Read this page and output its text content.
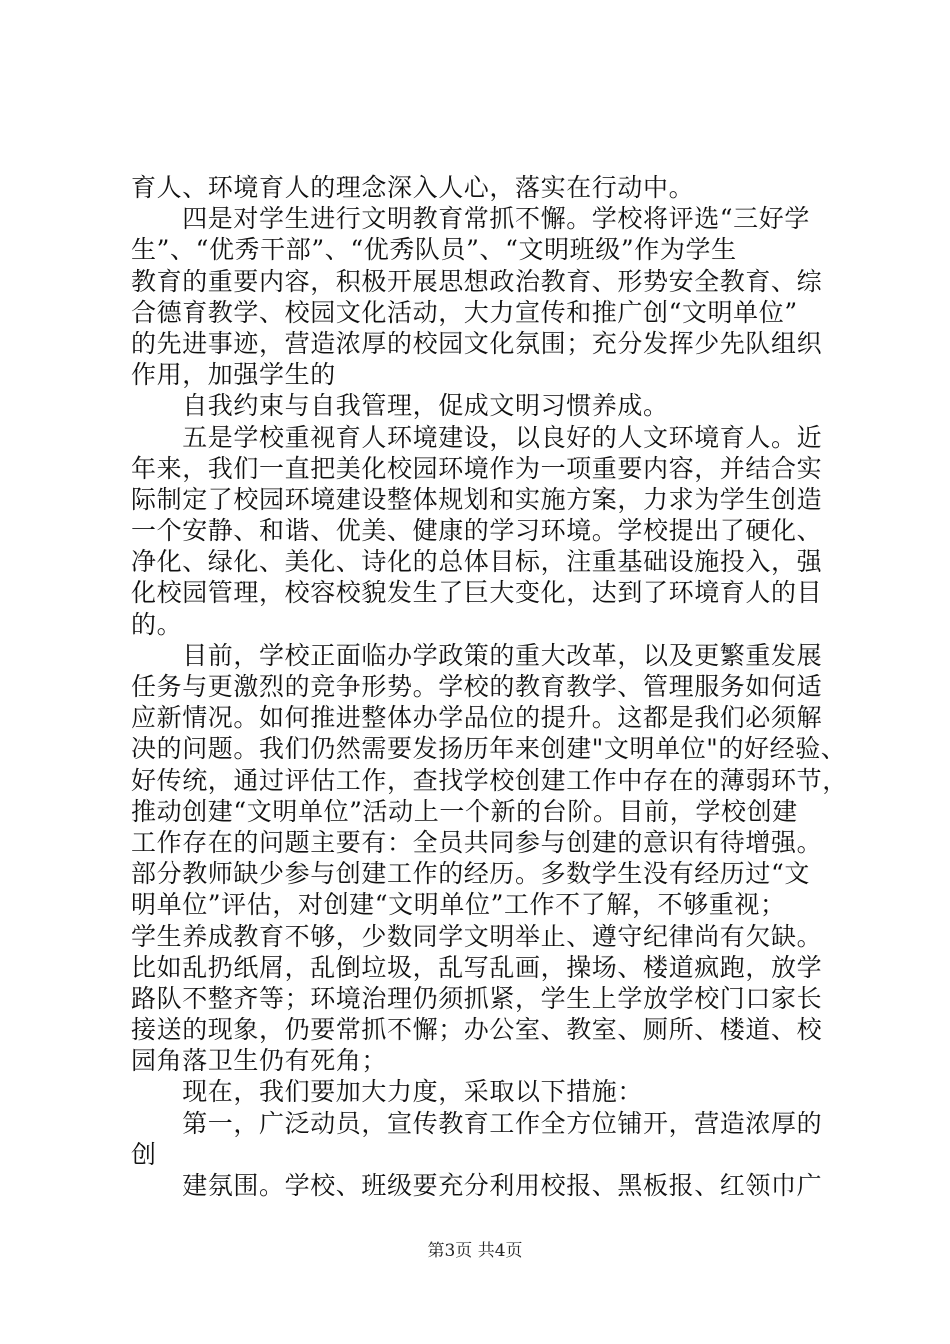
育人、环境育人的理念深入人心，落实在行动中。
　　四是对学生进行文明教育常抓不懈。学校将评选“三好学
生”、“优秀干部”、“优秀队员”、“文明班级”作为学生
教育的重要内容，积极开展思想政治教育、形势安全教育、综
合德育教学、校园文化活动，大力宣传和推广创“文明单位”
的先进事迹，营造浓厚的校园文化氛围；充分发挥少先队组织
作用，加强学生的
　　自我约束与自我管理，促成文明习惯养成。
　　五是学校重视育人环境建设，以良好的人文环境育人。近
年来，我们一直把美化校园环境作为一项重要内容，并结合实
际制定了校园环境建设整体规划和实施方案，力求为学生创造
一个安静、和谐、优美、健康的学习环境。学校提出了硬化、
净化、绿化、美化、诗化的总体目标，注重基础设施投入，强
化校园管理，校容校貌发生了巨大变化，达到了环境育人的目
的。
　　目前，学校正面临办学政策的重大改革，以及更繁重发展
任务与更激烈的竞争形势。学校的教育教学、管理服务如何适
应新情况。如何推进整体办学品位的提升。这都是我们必须解
决的问题。我们仍然需要发扬历年来创建"文明单位"的好经验、
好传统，通过评估工作，查找学校创建工作中存在的薄弱环节，
推动创建“文明单位”活动上一个新的台阶。目前，学校创建
工作存在的问题主要有：全员共同参与创建的意识有待增强。
部分教师缺少参与创建工作的经历。多数学生没有经历过“文
明单位”评估，对创建“文明单位”工作不了解，不够重视；
学生养成教育不够，少数同学文明举止、遵守纪律尚有欠缺。
比如乱扔纸屑，乱倒垃圾，乱写乱画，操场、楼道疯跑，放学
路队不整齐等；环境治理仍须抓紧，学生上学放学校门口家长
接送的现象，仍要常抓不懈；办公室、教室、厕所、楼道、校
园角落卫生仍有死角；
　　现在，我们要加大力度，采取以下措施：
　　第一，广泛动员，宣传教育工作全方位铺开，营造浓厚的
创
　　建氛围。学校、班级要充分利用校报、黑板报、红领巾广
第3页 共4页
